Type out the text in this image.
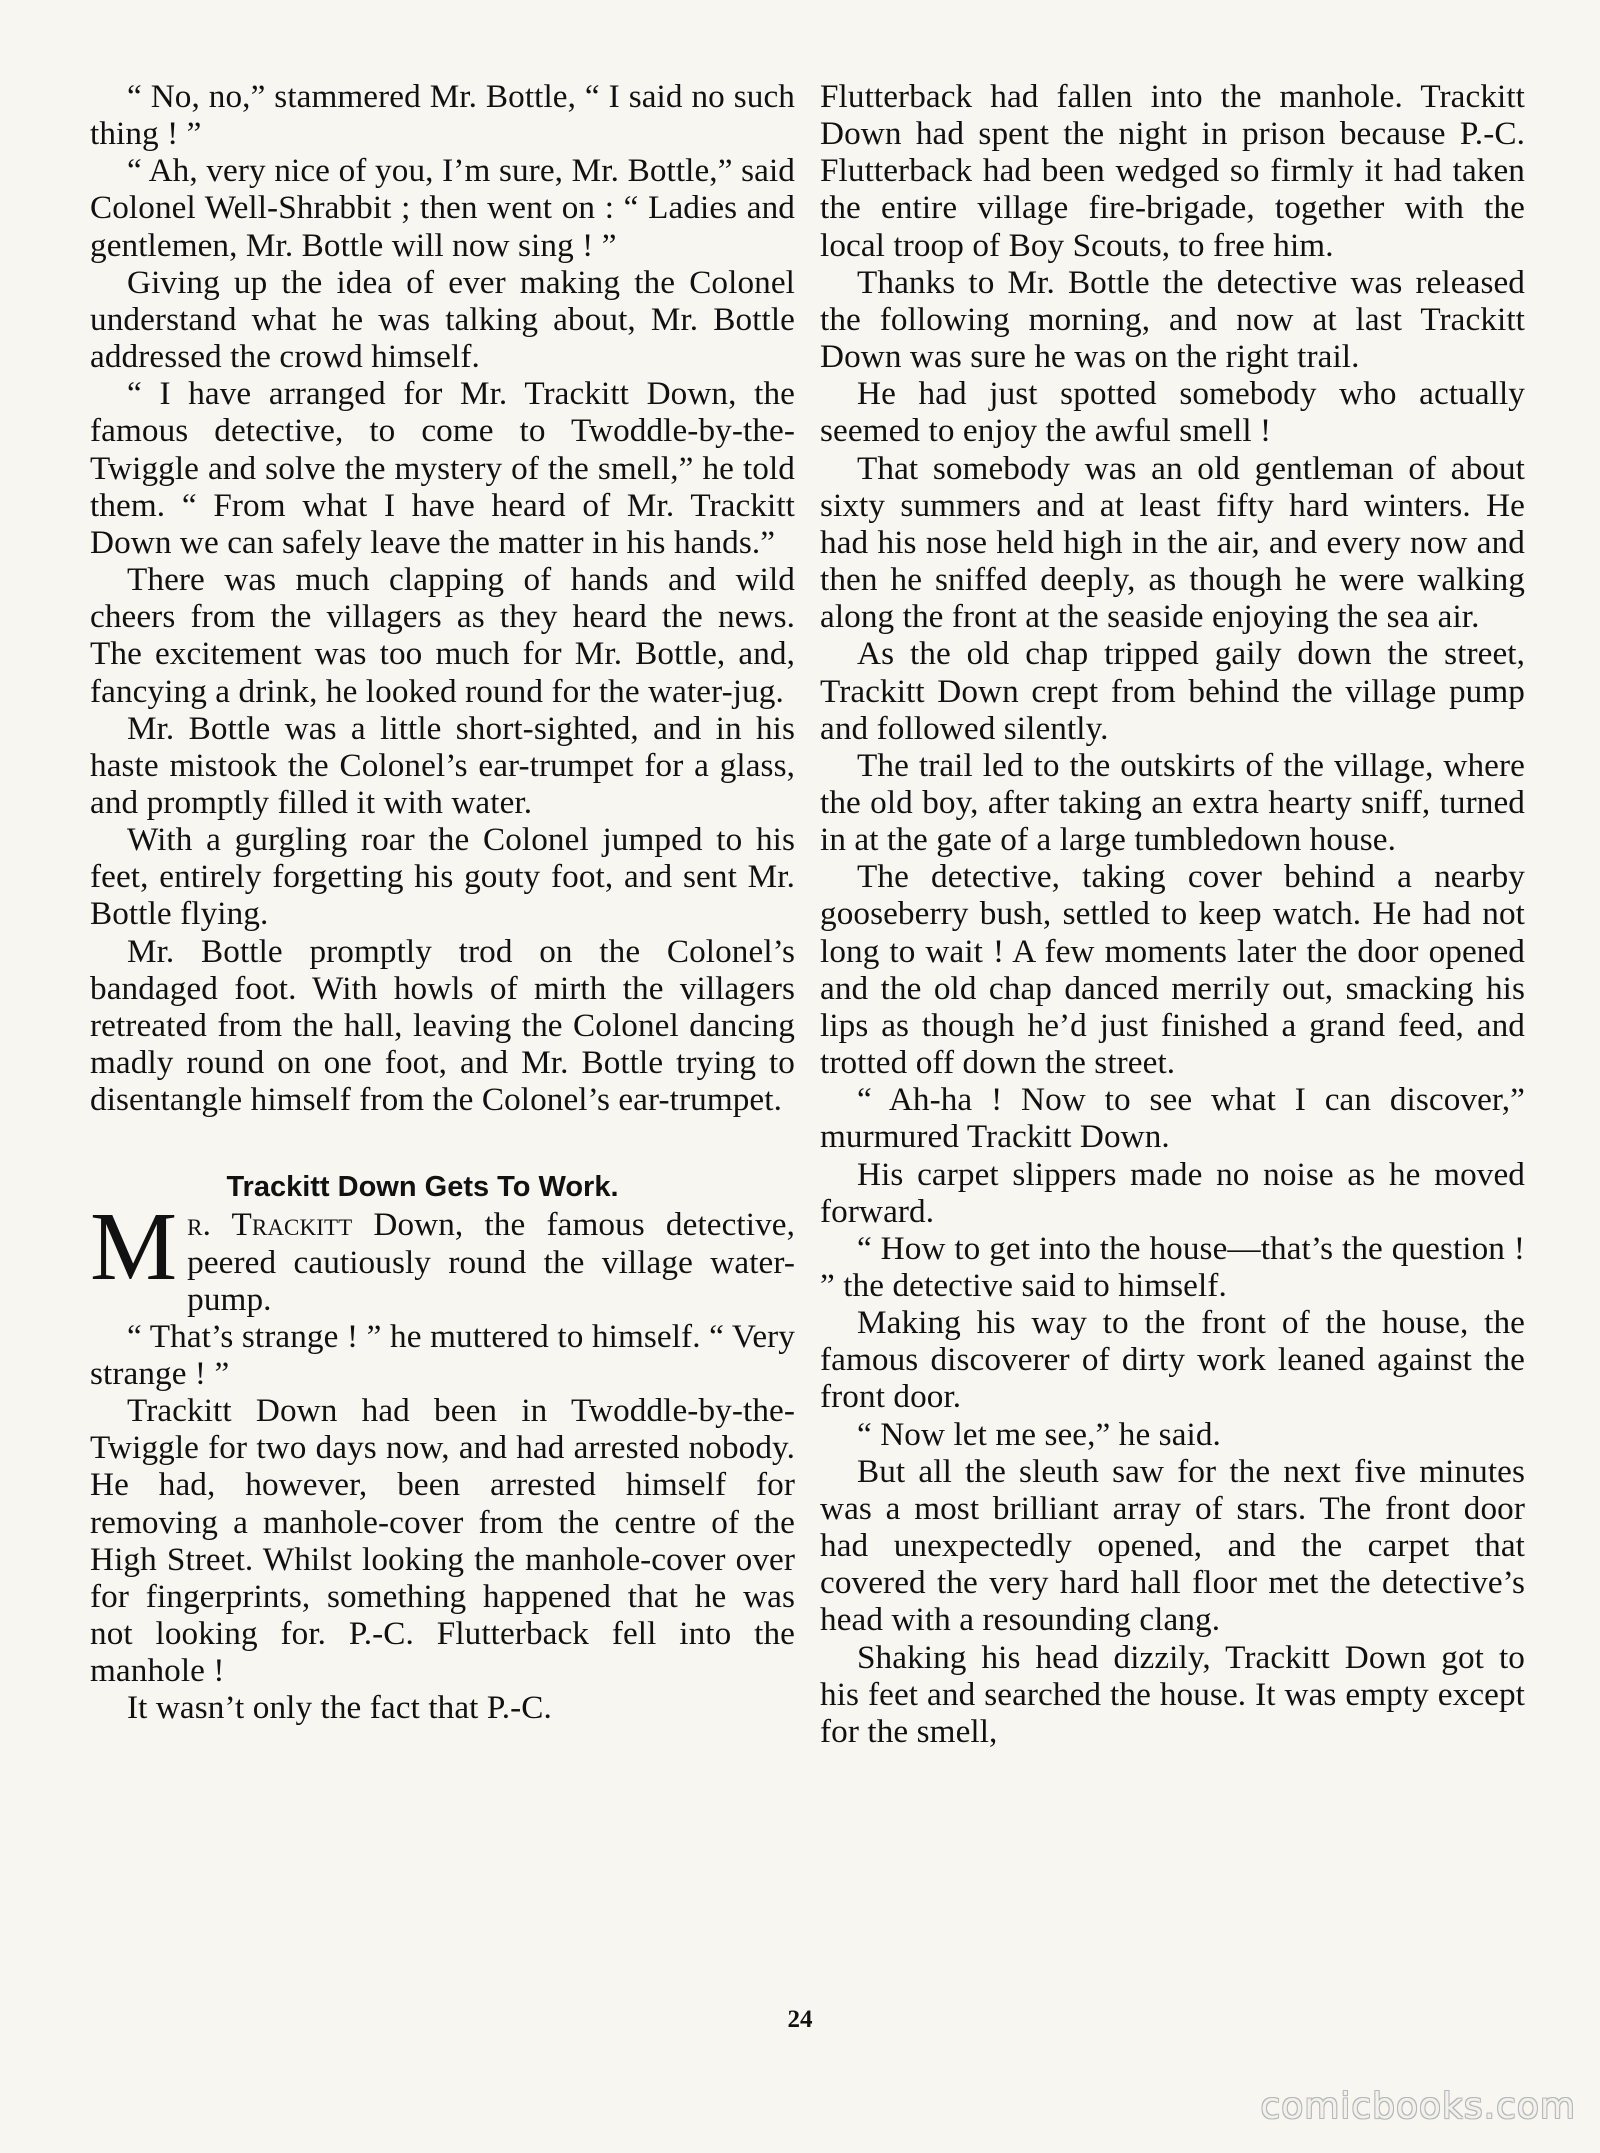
“ No, no,” stammered Mr. Bottle, “ I said no such thing ! ”

“ Ah, very nice of you, I’m sure, Mr. Bottle,” said Colonel Well-Shrabbit ; then went on : “ Ladies and gentlemen, Mr. Bottle will now sing ! ”

Giving up the idea of ever making the Colonel understand what he was talking about, Mr. Bottle addressed the crowd himself.

“ I have arranged for Mr. Trackitt Down, the famous detective, to come to Twoddle-by-the-Twiggle and solve the mystery of the smell,” he told them. “ From what I have heard of Mr. Trackitt Down we can safely leave the matter in his hands.”

There was much clapping of hands and wild cheers from the villagers as they heard the news. The excitement was too much for Mr. Bottle, and, fancying a drink, he looked round for the water-jug.

Mr. Bottle was a little short-sighted, and in his haste mistook the Colonel’s ear-trumpet for a glass, and promptly filled it with water.

With a gurgling roar the Colonel jumped to his feet, entirely forgetting his gouty foot, and sent Mr. Bottle flying.

Mr. Bottle promptly trod on the Colonel’s bandaged foot. With howls of mirth the villagers retreated from the hall, leaving the Colonel dancing madly round on one foot, and Mr. Bottle trying to disentangle himself from the Colonel’s ear-trumpet.

Trackitt Down Gets To Work.
M r. Trackitt Down, the famous detective, peered cautiously round the village water-pump.

“ That’s strange ! ” he muttered to himself. “ Very strange ! ”

Trackitt Down had been in Twoddle-by-the-Twiggle for two days now, and had arrested nobody. He had, however, been arrested himself for removing a manhole-cover from the centre of the High Street. Whilst looking the manhole-cover over for fingerprints, something happened that he was not looking for. P.-C. Flutterback fell into the manhole !

It wasn’t only the fact that P.-C.

Flutterback had fallen into the manhole. Trackitt Down had spent the night in prison because P.-C. Flutterback had been wedged so firmly it had taken the entire village fire-brigade, together with the local troop of Boy Scouts, to free him.

Thanks to Mr. Bottle the detective was released the following morning, and now at last Trackitt Down was sure he was on the right trail.

He had just spotted somebody who actually seemed to enjoy the awful smell !

That somebody was an old gentleman of about sixty summers and at least fifty hard winters. He had his nose held high in the air, and every now and then he sniffed deeply, as though he were walking along the front at the seaside enjoying the sea air.

As the old chap tripped gaily down the street, Trackitt Down crept from behind the village pump and followed silently.

The trail led to the outskirts of the village, where the old boy, after taking an extra hearty sniff, turned in at the gate of a large tumbledown house.

The detective, taking cover behind a nearby gooseberry bush, settled to keep watch. He had not long to wait ! A few moments later the door opened and the old chap danced merrily out, smacking his lips as though he’d just finished a grand feed, and trotted off down the street.

“ Ah-ha ! Now to see what I can discover,” murmured Trackitt Down.

His carpet slippers made no noise as he moved forward.

“ How to get into the house—that’s the question ! ” the detective said to himself.

Making his way to the front of the house, the famous discoverer of dirty work leaned against the front door.

“ Now let me see,” he said.

But all the sleuth saw for the next five minutes was a most brilliant array of stars. The front door had unexpectedly opened, and the carpet that covered the very hard hall floor met the detective’s head with a resounding clang.

Shaking his head dizzily, Trackitt Down got to his feet and searched the house. It was empty except for the smell,

24
comicbooks.com
